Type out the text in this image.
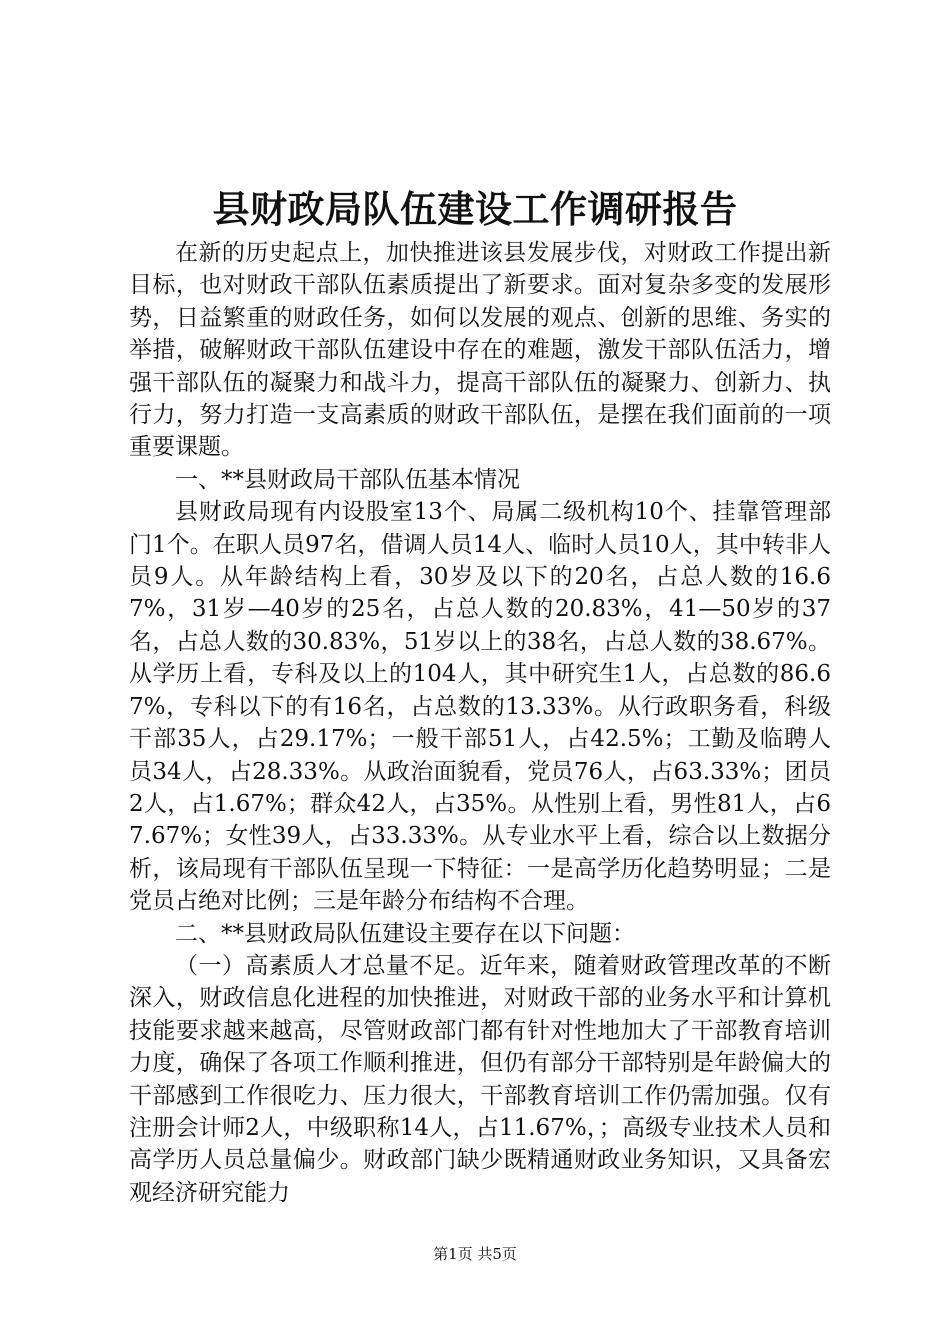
县财政局队伍建设工作调研报告

在新的历史起点上，加快推进该县发展步伐，对财政工作提出新目标，也对财政干部队伍素质提出了新要求。面对复杂多变的发展形势，日益繁重的财政任务，如何以发展的观点、创新的思维、务实的举措，破解财政干部队伍建设中存在的难题，激发干部队伍活力，增强干部队伍的凝聚力和战斗力，提高干部队伍的凝聚力、创新力、执行力，努力打造一支高素质的财政干部队伍，是摆在我们面前的一项重要课题。

一、**县财政局干部队伍基本情况

县财政局现有内设股室13个、局属二级机构10个、挂靠管理部门1个。在职人员97名，借调人员14人、临时人员10人，其中转非人员9人。从年龄结构上看，30岁及以下的20名，占总人数的16.67%，31岁—40岁的25名，占总人数的20.83%，41—50岁的37名，占总人数的30.83%，51岁以上的38名，占总人数的38.67%。从学历上看，专科及以上的104人，其中研究生1人，占总数的86.67%，专科以下的有16名，占总数的13.33%。从行政职务看，科级干部35人，占29.17%；一般干部51人，占42.5%；工勤及临聘人员34人，占28.33%。从政治面貌看，党员76人，占63.33%；团员2人，占1.67%；群众42人，占35%。从性别上看，男性81人，占67.67%；女性39人，占33.33%。从专业水平上看，综合以上数据分析，该局现有干部队伍呈现一下特征：一是高学历化趋势明显；二是党员占绝对比例；三是年龄分布结构不合理。

二、**县财政局队伍建设主要存在以下问题：

（一）高素质人才总量不足。近年来，随着财政管理改革的不断深入，财政信息化进程的加快推进，对财政干部的业务水平和计算机技能要求越来越高，尽管财政部门都有针对性地加大了干部教育培训力度，确保了各项工作顺利推进，但仍有部分干部特别是年龄偏大的干部感到工作很吃力、压力很大，干部教育培训工作仍需加强。仅有注册会计师2人，中级职称14人，占11.67%，；高级专业技术人员和高学历人员总量偏少。财政部门缺少既精通财政业务知识，又具备宏观经济研究能力

第1页 共5页
